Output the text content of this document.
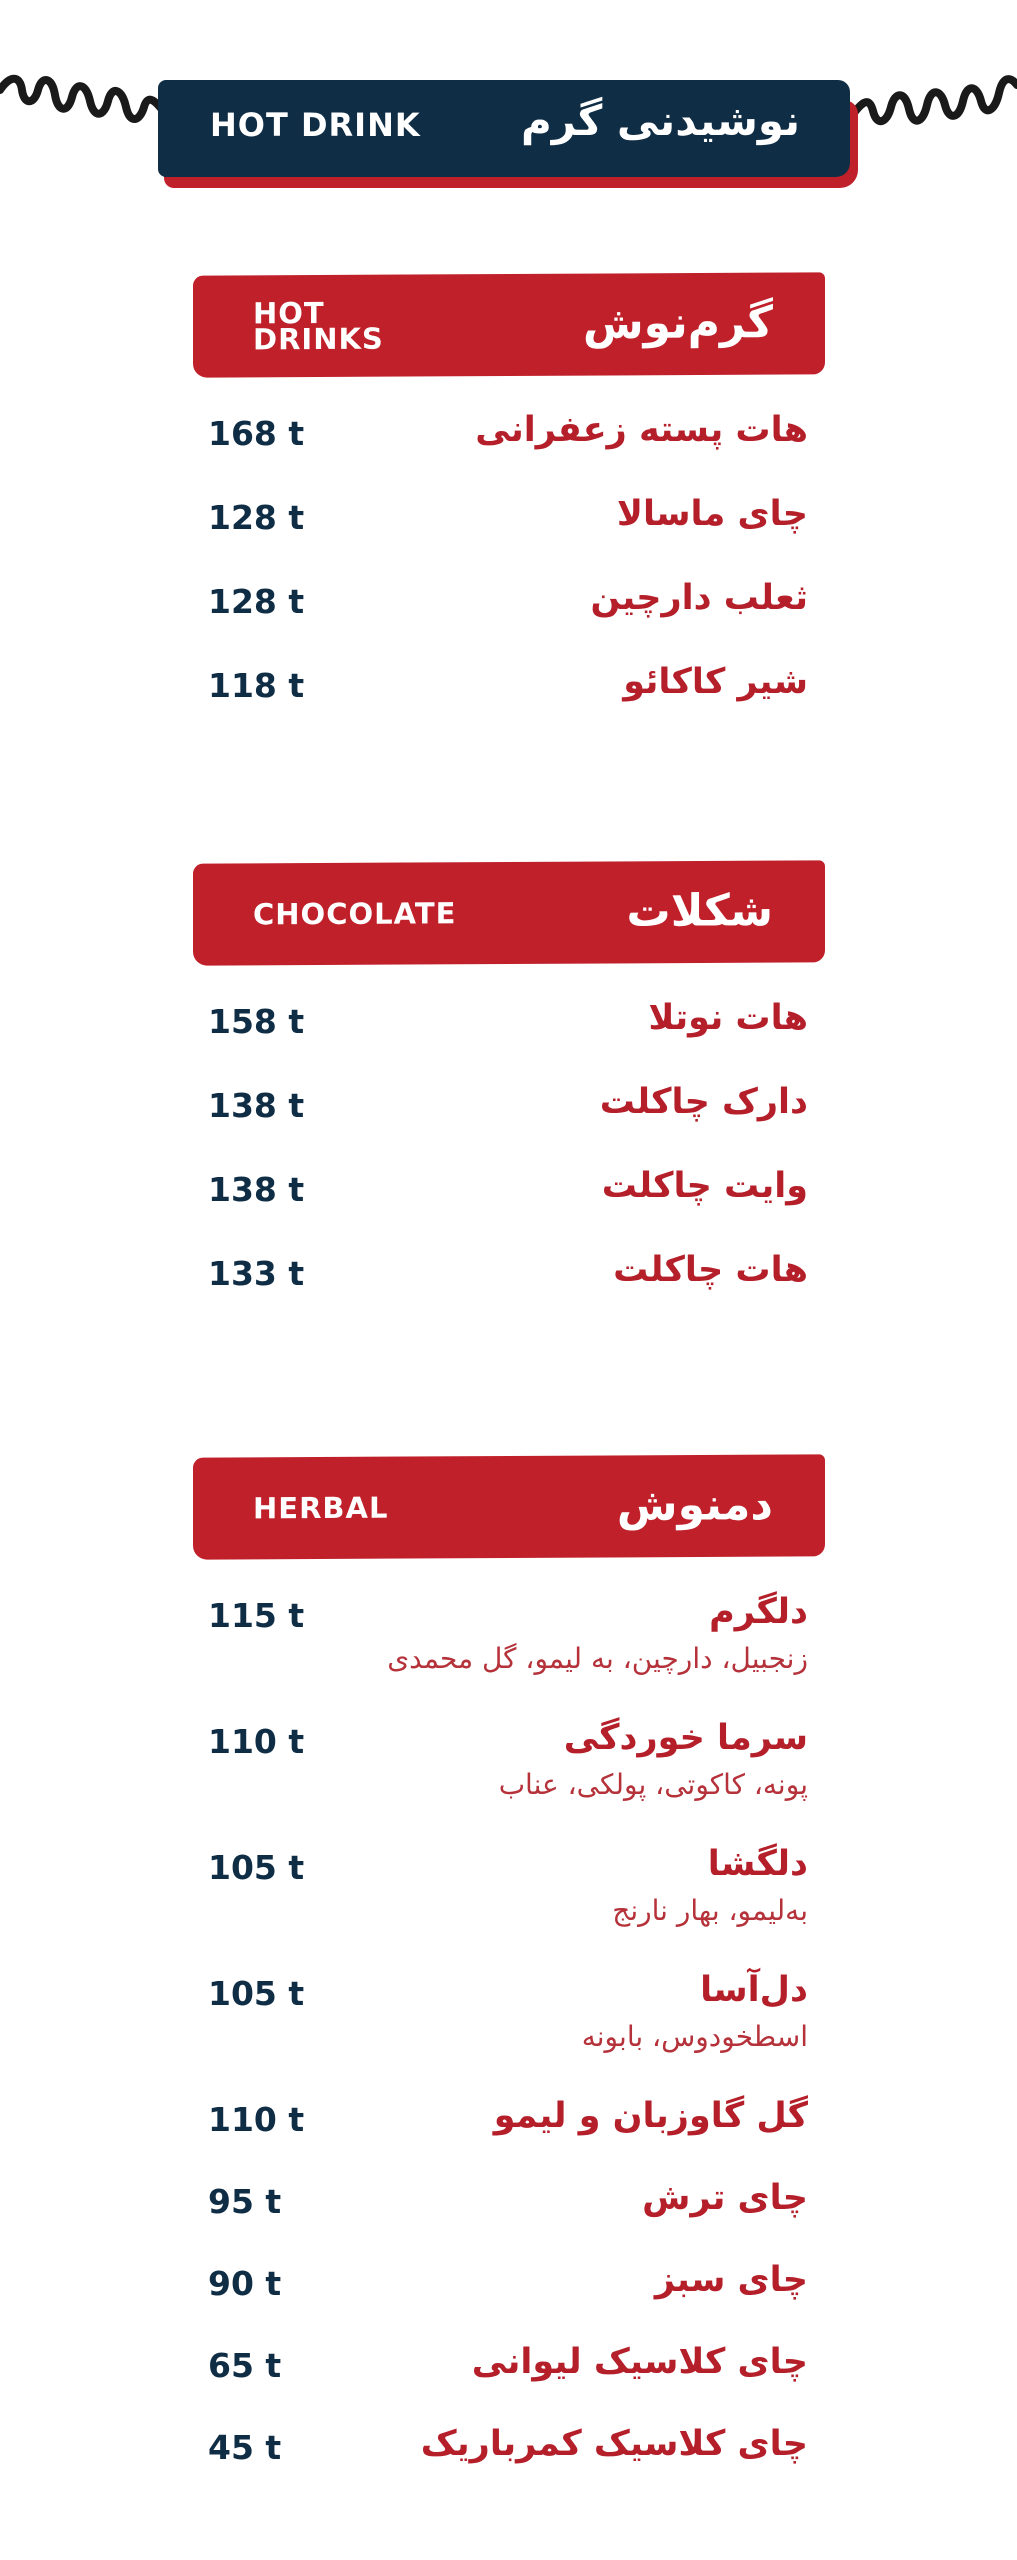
HOT DRINK نوشیدنی گرم
HOT DRINKS	گرم‌نوش
168 t	هات پسته زعفرانی
128 t	چای ماسالا
128 t	ثعلب دارچین
118 t	شیر کاکائو
CHOCOLATE	شکلات
158 t	هات نوتلا
138 t	دارک چاکلت
138 t	وایت چاکلت
133 t	هات چاکلت
HERBAL	دمنوش
115 t	دلگرم
زنجبیل، دارچین، به لیمو، گل محمدی
110 t	سرما خوردگی
پونه، کاکوتی، پولکی، عناب
105 t	دلگشا
به‌لیمو، بهار نارنج
105 t	دل‌آسا
اسطخودوس، بابونه
110 t	گل گاوزبان و لیمو
95 t	چای ترش
90 t	چای سبز
65 t	چای کلاسیک لیوانی
45 t	چای کلاسیک کمرباریک
